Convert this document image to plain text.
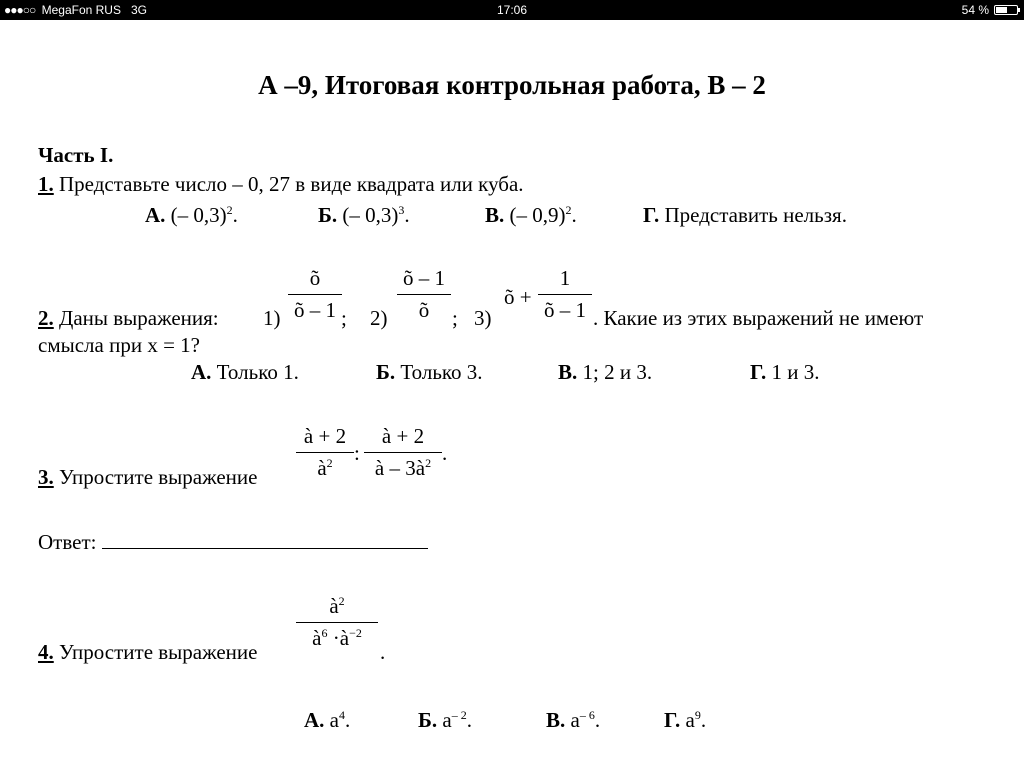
●●●○○ MegaFon RUS 3G	17:06	54 %
А –9, Итоговая контрольная работа, В – 2
Часть I.
1. Представьте число – 0, 27 в виде квадрата или куба.
А. (– 0,3)$^2$.	Б. (– 0,3)$^3$.	В. (– 0,9)$^2$.	Г. Представить нельзя.
2. Даны выражения: 1)
õ
õ – 1 ; 2)
õ – 1
õ	; 3)
õ +
1
õ – 1 . Какие из этих выражений не имеют
смысла при x = 1?
А. Только 1.	Б. Только 3.	В. 1; 2 и 3.	Г. 1 и 3.
3. Упростите выражение
à + 2
$à^2$	:
à + 2
à – $3à^2$ .
Ответ:
4. Упростите выражение
$à^2$
$à^6$ $\cdot à^{-2}$
.
А. $a^4$.	Б. $a^{- 2}$.	В. $a^{- 6}$.	Г. $a^9$.
